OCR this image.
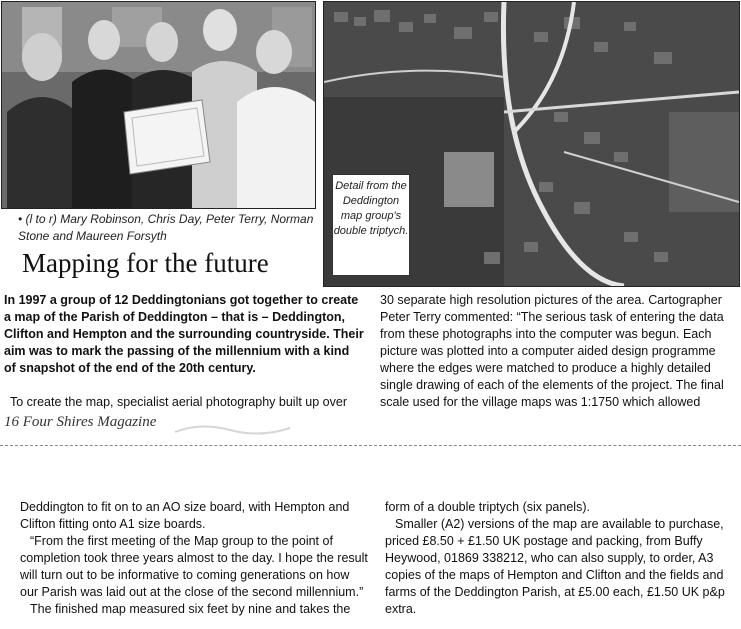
• (l to r) Mary Robinson, Chris Day, Peter Terry, Norman Stone and Maureen Forsyth
Mapping for the future
Detail from the Deddington map group's double triptych.
In 1997 a group of 12 Deddingtonians got together to create a map of the Parish of Deddington – that is – Deddington, Clifton and Hempton and the surrounding countryside. Their aim was to mark the passing of the millennium with a kind of snapshot of the end of the 20th century.
To create the map, specialist aerial photography built up over

30 separate high resolution pictures of the area. Cartographer Peter Terry commented: “The serious task of entering the data from these photographs into the computer was begun. Each picture was plotted into a computer aided design programme where the edges were matched to produce a highly detailed single drawing of each of the elements of the project. The final scale used for the village maps was 1:1750 which allowed

16 Four Shires Magazine

Deddington to fit on to an AO size board, with Hempton and Clifton fitting onto A1 size boards.

“From the first meeting of the Map group to the point of completion took three years almost to the day. I hope the result will turn out to be informative to coming generations on how our Parish was laid out at the close of the second millennium.”

The finished map measured six feet by nine and takes the

form of a double triptych (six panels).

Smaller (A2) versions of the map are available to purchase, priced £8.50 + £1.50 UK postage and packing, from Buffy Heywood, 01869 338212, who can also supply, to order, A3 copies of the maps of Hempton and Clifton and the fields and farms of the Deddington Parish, at £5.00 each, £1.50 UK p&p extra.
